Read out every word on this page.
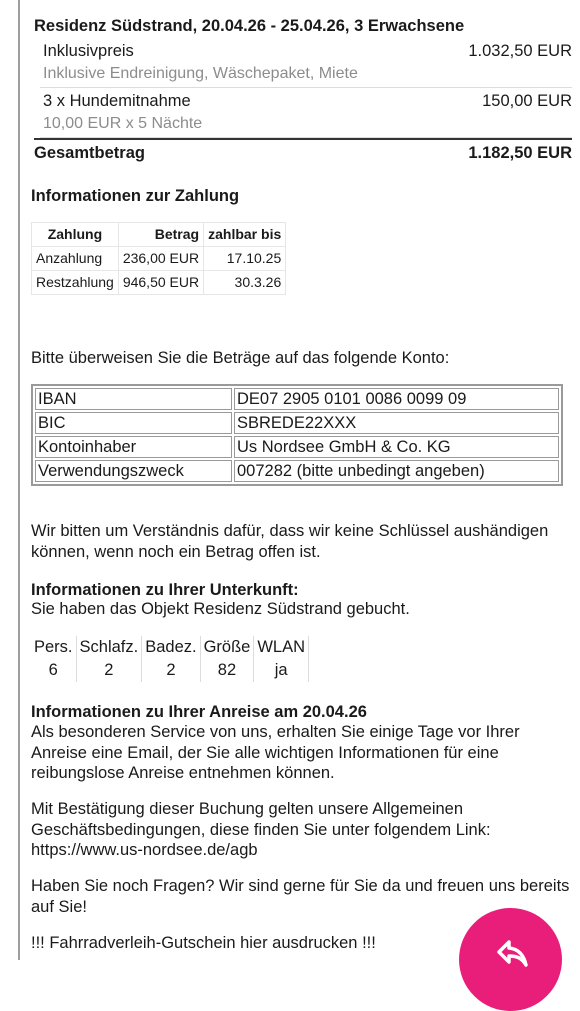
Residenz Südstrand, 20.04.26 - 25.04.26, 3 Erwachsene
Inklusivpreis	1.032,50 EUR
Inklusive Endreinigung, Wäschepaket, Miete
3 x Hundemitnahme	150,00 EUR
10,00 EUR x 5 Nächte
Gesamtbetrag	1.182,50 EUR
Informationen zur Zahlung
Zahlung	Betrag	zahlbar bis
Anzahlung	236,00 EUR	17.10.25
Restzahlung	946,50 EUR	30.3.26
Bitte überweisen Sie die Beträge auf das folgende Konto:
IBAN	DE07 2905 0101 0086 0099 09
BIC	SBREDE22XXX
Kontoinhaber	Us Nordsee GmbH & Co. KG
Verwendungszweck	007282 (bitte unbedingt angeben)
Wir bitten um Verständnis dafür, dass wir keine Schlüssel aushändigen können, wenn noch ein Betrag offen ist.
Informationen zu Ihrer Unterkunft:
Sie haben das Objekt Residenz Südstrand gebucht.
Pers.	Schlafz.	Badez.	Größe	WLAN
6	2	2	82	ja
Informationen zu Ihrer Anreise am 20.04.26
Als besonderen Service von uns, erhalten Sie einige Tage vor Ihrer Anreise eine Email, der Sie alle wichtigen Informationen für eine reibungslose Anreise entnehmen können.
Mit Bestätigung dieser Buchung gelten unsere Allgemeinen Geschäftsbedingungen, diese finden Sie unter folgendem Link:
https://www.us-nordsee.de/agb
Haben Sie noch Fragen? Wir sind gerne für Sie da und freuen uns bereits auf Sie!
!!! Fahrradverleih-Gutschein hier ausdrucken !!!
